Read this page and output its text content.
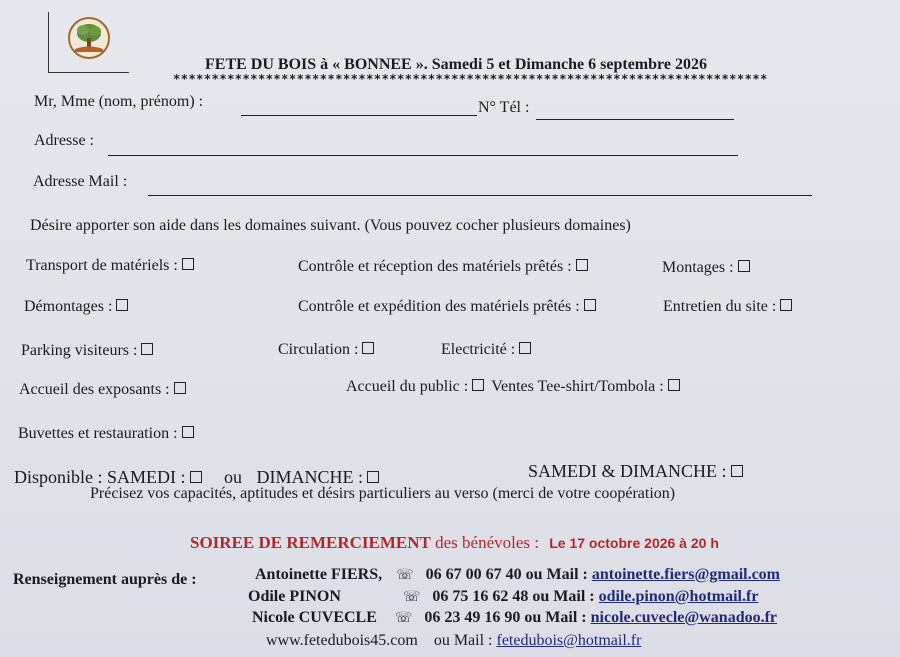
FETE DU BOIS à « BONNEE ». Samedi 5 et Dimanche 6 septembre 2026
*****************************************************************************
Mr, Mme (nom, prénom) :	N° Tél :
Adresse :
Adresse Mail :
Désire apporter son aide dans les domaines suivant. (Vous pouvez cocher plusieurs domaines)
Transport de matériels :	Contrôle et réception des matériels prêtés :	Montages :
Démontages :	Contrôle et expédition des matériels prêtés :	Entretien du site :
Parking visiteurs :	Circulation :	Electricité :
Accueil des exposants :	Accueil du public : Ventes Tee-shirt/Tombola :
Buvettes et restauration :
Disponible : SAMEDI : ou DIMANCHE :	SAMEDI & DIMANCHE :
Précisez vos capacités, aptitudes et désirs particuliers au verso (merci de votre coopération)
SOIREE DE REMERCIEMENT des bénévoles : Le 17 octobre 2026 à 20 h
Renseignement auprès de :	Antoinette FIERS, ☏ 06 67 00 67 40 ou Mail : antoinette.fiers@gmail.com
Odile PINON	☏ 06 75 16 62 48 ou Mail : odile.pinon@hotmail.fr
Nicole CUVECLE ☏ 06 23 49 16 90 ou Mail : nicole.cuvecle@wanadoo.fr
www.fetedubois45.com ou Mail : fetedubois@hotmail.fr
